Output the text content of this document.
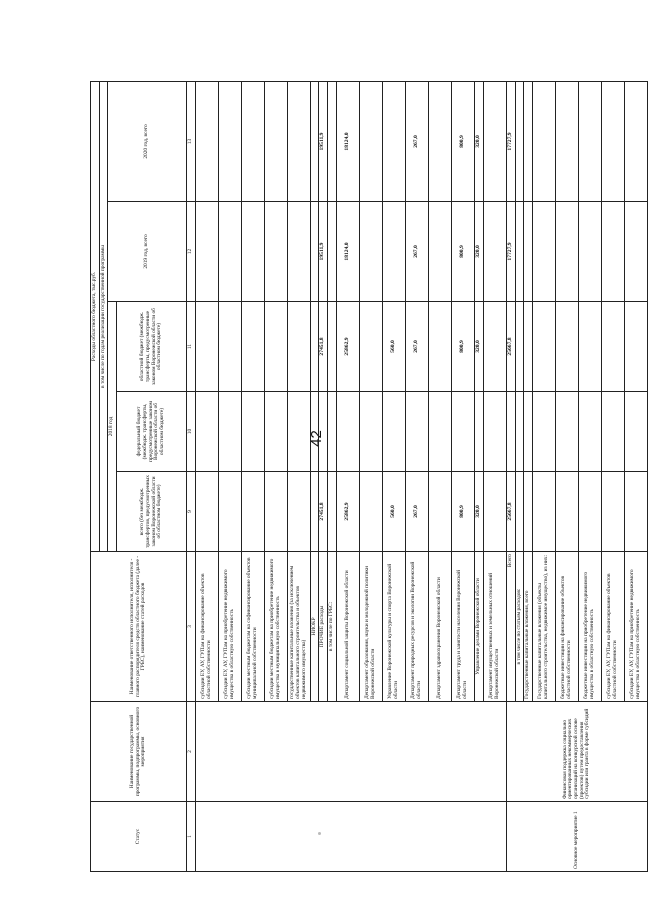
42
Статус	Наименование государственной программы, подпрограммы, основного мероприятия	Наименование ответственного исполнителя, исполнителя - главного распорядителя средств областного бюджета (далее - ГРБС), наименование статей расходов	Расходы областного бюджета, тыс.руб.				
			в том числе по годам реализации государственной программы				
			2018 год			2019 год, всего	2020 год, всего
			всего (без межбюдж. трансфертов, предусмотренных законом Воронежской области об областном бюджете)	федеральный бюджет (межбюдж. трансферты, предусмотренные законом Воронежской области об областном бюджете)	областной бюджет (межбюдж. трансферты, предусмотренные законом Воронежской области об областном бюджете)		
1	2	3	9	10	11	12	13
		субсидии ЕУ, АУ, ГУПам на финансирование объектов областной собственности					
		субсидии ЕУ, АУ, ГУПам на приобретение недвижимого имущества в областную собственность					
		субсидии местным бюджетам на софинансирование объектов муниципальной собственности					
		субсидии местным бюджетам на приобретение недвижимого имущества в муниципальную собственность					
		государственные капитальные вложения (за исключением объектов капитального строительства и объектов недвижимого имущества)					
		НИОКР					
		ПРОЧИЕ расходы	27451,8		27451,8	19511,9	19511,9
		в том числе по ГРБС:					
		Департамент социальной защиты Воронежской области	25862,9		25862,9	18124,0	18124,0
		Департамент образования, науки и молодежной политики Воронежской области					
		Управление Воронежской культуры и спорта Воронежской области	560,0		560,0		
		Департамент природных ресурсов и экологии Воронежской области	267,0		267,0	267,0	267,0
		Департамент здравоохранения Воронежской области					
		Департамент труда и занятости населения Воронежской области	800,9		800,9	800,9	800,9
		Управление делами Воронежской области	320,0		320,0	320,0	320,0
		Департамент имущественных и земельных отношений Воронежской области					
Основное мероприятие 1	Финансовая поддержка социально ориентированных некоммерческих организаций на конкурсной основе (проектов) путем предоставления субсидии или гранта в форме субсидий	Всего	25667,8		25667,8	17727,9	17727,9
		в том числе по статьям расходов:					
		Государственные капитальные вложения, всего					
		Государственные капитальные вложения (объекты капитального строительства, недвижимое имущество), из них:					
		бюджетные инвестиции на финансирование объектов областной собственности					
		бюджетные инвестиции на приобретение недвижимого имущества в областную собственность					
		субсидии ЕУ, АУ, ГУПам на финансирование объектов областной собственности					
		субсидии ЕУ, АУ, ГУПам на приобретение недвижимого имущества в областную собственность					
